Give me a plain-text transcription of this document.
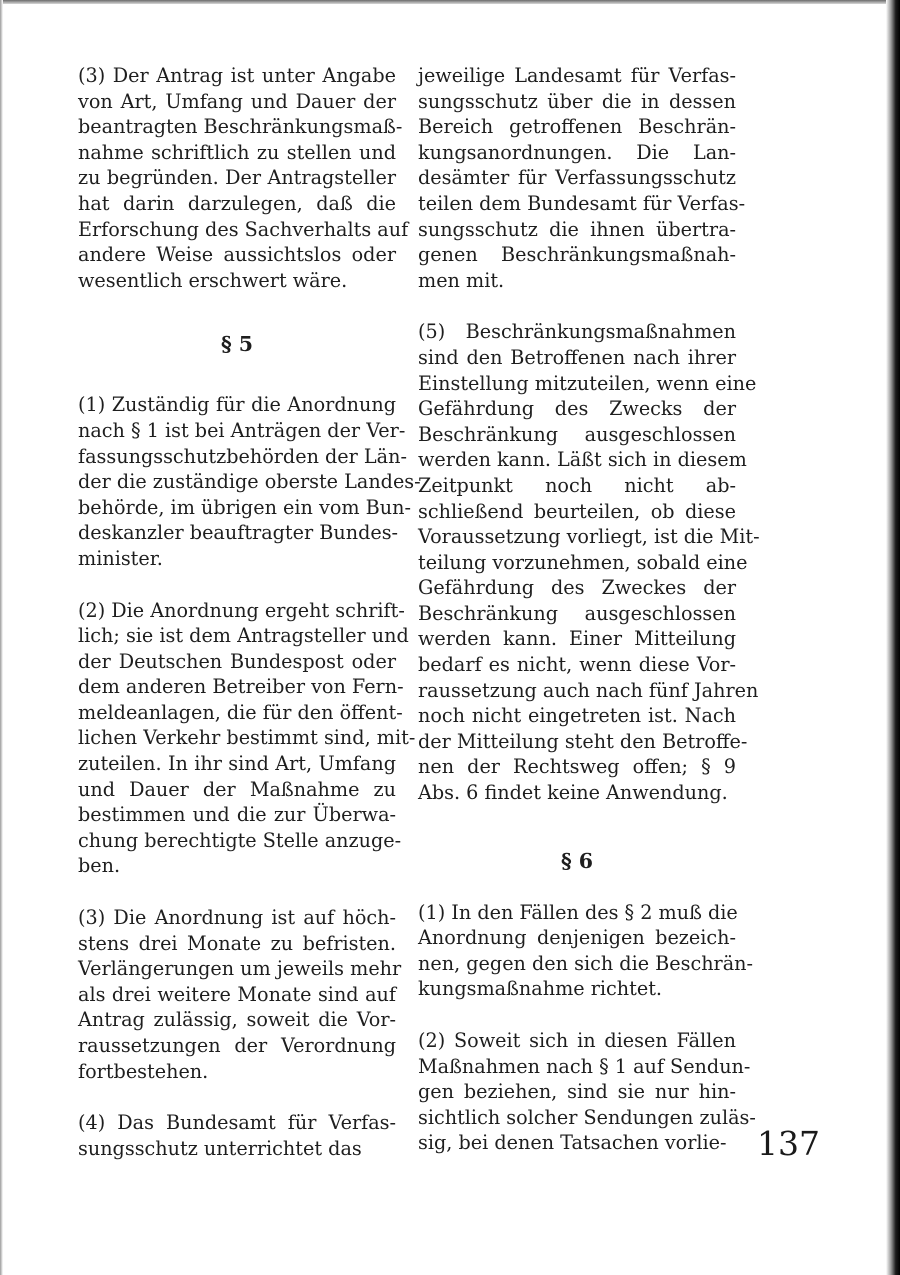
(3) Der Antrag ist unter Angabe
von Art, Umfang und Dauer der
beantragten Beschränkungsmaß-
nahme schriftlich zu stellen und
zu begründen. Der Antragsteller
hat darin darzulegen, daß die
Erforschung des Sachverhalts auf
andere Weise aussichtslos oder
wesentlich erschwert wäre.
§ 5
(1) Zuständig für die Anordnung
nach § 1 ist bei Anträgen der Ver-
fassungsschutzbehörden der Län-
der die zuständige oberste Landes-
behörde, im übrigen ein vom Bun-
deskanzler beauftragter Bundes-
minister.
(2) Die Anordnung ergeht schrift-
lich; sie ist dem Antragsteller und
der Deutschen Bundespost oder
dem anderen Betreiber von Fern-
meldeanlagen, die für den öffent-
lichen Verkehr bestimmt sind, mit-
zuteilen. In ihr sind Art, Umfang
und Dauer der Maßnahme zu
bestimmen und die zur Überwa-
chung berechtigte Stelle anzuge-
ben.
(3) Die Anordnung ist auf höch-
stens drei Monate zu befristen.
Verlängerungen um jeweils mehr
als drei weitere Monate sind auf
Antrag zulässig, soweit die Vor-
raussetzungen der Verordnung
fortbestehen.
(4) Das Bundesamt für Verfas-
sungsschutz unterrichtet das
jeweilige Landesamt für Verfas-
sungsschutz über die in dessen
Bereich getroffenen Beschrän-
kungsanordnungen. Die Lan-
desämter für Verfassungsschutz
teilen dem Bundesamt für Verfas-
sungsschutz die ihnen übertra-
genen Beschränkungsmaßnah-
men mit.
(5) Beschränkungsmaßnahmen
sind den Betroffenen nach ihrer
Einstellung mitzuteilen, wenn eine
Gefährdung des Zwecks der
Beschränkung ausgeschlossen
werden kann. Läßt sich in diesem
Zeitpunkt noch nicht ab-
schließend beurteilen, ob diese
Voraussetzung vorliegt, ist die Mit-
teilung vorzunehmen, sobald eine
Gefährdung des Zweckes der
Beschränkung ausgeschlossen
werden kann. Einer Mitteilung
bedarf es nicht, wenn diese Vor-
raussetzung auch nach fünf Jahren
noch nicht eingetreten ist. Nach
der Mitteilung steht den Betroffe-
nen der Rechtsweg offen; § 9
Abs. 6 findet keine Anwendung.
§ 6
(1) In den Fällen des § 2 muß die
Anordnung denjenigen bezeich-
nen, gegen den sich die Beschrän-
kungsmaßnahme richtet.
(2) Soweit sich in diesen Fällen
Maßnahmen nach § 1 auf Sendun-
gen beziehen, sind sie nur hin-
sichtlich solcher Sendungen zuläs-
sig, bei denen Tatsachen vorlie- 137
